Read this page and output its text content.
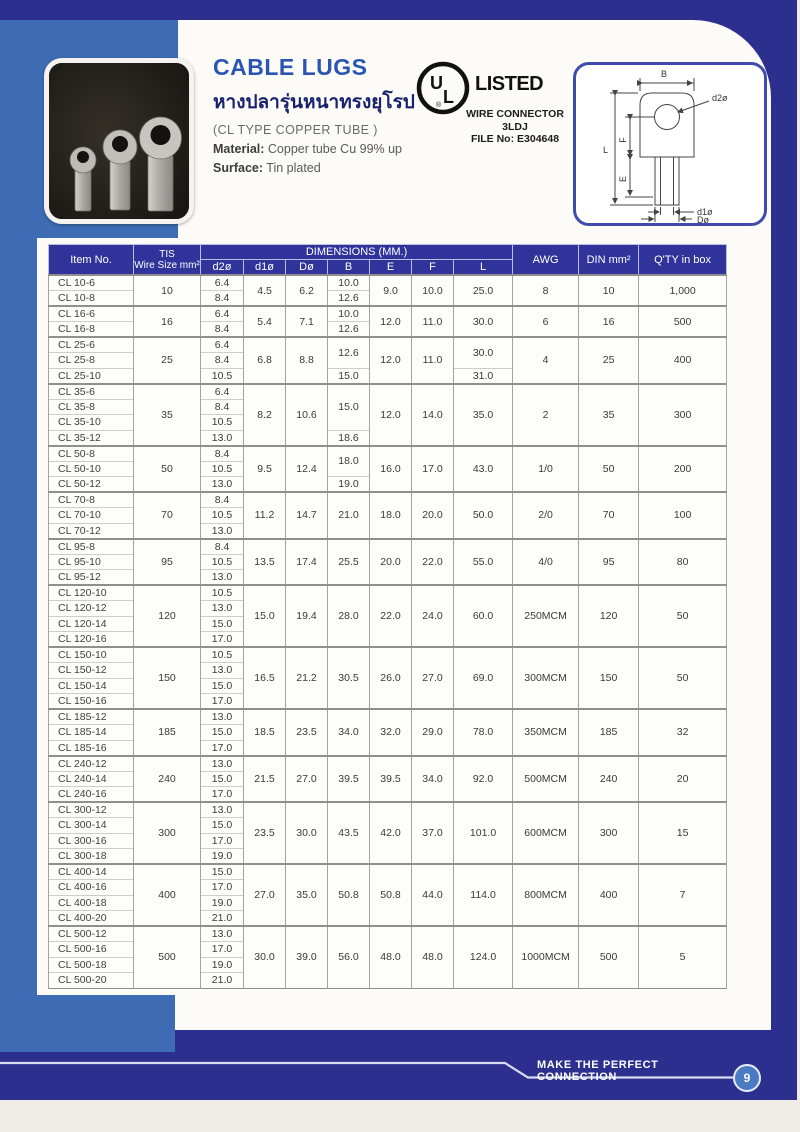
CABLE LUGS
หางปลารุ่นหนาทรงยุโรป
(CL TYPE COPPER TUBE )
Material: Copper tube Cu 99% up
Surface: Tin plated
U
L
®
LISTED
WIRE CONNECTOR
3LDJ
FILE No: E304648
B
d2ø
L
F
E
d1ø
Dø
Item No.	TIS
Wire Size mm²	DIMENSIONS (MM.)							AWG	DIN mm²	Q'TY in box
		d2ø	d1ø	Dø	B	E	F	L			
CL 10-6	10	6.4	4.5	6.2	10.0	9.0	10.0	25.0	8	10	1,000
CL 10-8		8.4			12.6						
CL 16-6	16	6.4	5.4	7.1	10.0	12.0	11.0	30.0	6	16	500
CL 16-8		8.4			12.6						
CL 25-6	25	6.4	6.8	8.8	12.6	12.0	11.0	30.0	4	25	400
CL 25-8		8.4									
CL 25-10		10.5			15.0			31.0			
CL 35-6	35	6.4	8.2	10.6	15.0	12.0	14.0	35.0	2	35	300
CL 35-8		8.4									
CL 35-10		10.5									
CL 35-12		13.0			18.6						
CL 50-8	50	8.4	9.5	12.4	18.0	16.0	17.0	43.0	1/0	50	200
CL 50-10		10.5									
CL 50-12		13.0			19.0						
CL 70-8	70	8.4	11.2	14.7	21.0	18.0	20.0	50.0	2/0	70	100
CL 70-10		10.5									
CL 70-12		13.0									
CL 95-8	95	8.4	13.5	17.4	25.5	20.0	22.0	55.0	4/0	95	80
CL 95-10		10.5									
CL 95-12		13.0									
CL 120-10	120	10.5	15.0	19.4	28.0	22.0	24.0	60.0	250MCM	120	50
CL 120-12		13.0									
CL 120-14		15.0									
CL 120-16		17.0									
CL 150-10	150	10.5	16.5	21.2	30.5	26.0	27.0	69.0	300MCM	150	50
CL 150-12		13.0									
CL 150-14		15.0									
CL 150-16		17.0									
CL 185-12	185	13.0	18.5	23.5	34.0	32.0	29.0	78.0	350MCM	185	32
CL 185-14		15.0									
CL 185-16		17.0									
CL 240-12	240	13.0	21.5	27.0	39.5	39.5	34.0	92.0	500MCM	240	20
CL 240-14		15.0									
CL 240-16		17.0									
CL 300-12	300	13.0	23.5	30.0	43.5	42.0	37.0	101.0	600MCM	300	15
CL 300-14		15.0									
CL 300-16		17.0									
CL 300-18		19.0									
CL 400-14	400	15.0	27.0	35.0	50.8	50.8	44.0	114.0	800MCM	400	7
CL 400-16		17.0									
CL 400-18		19.0									
CL 400-20		21.0									
CL 500-12	500	13.0	30.0	39.0	56.0	48.0	48.0	124.0	1000MCM	500	5
CL 500-16		17.0									
CL 500-18		19.0									
CL 500-20		21.0									
MAKE THE PERFECT CONNECTION	9
